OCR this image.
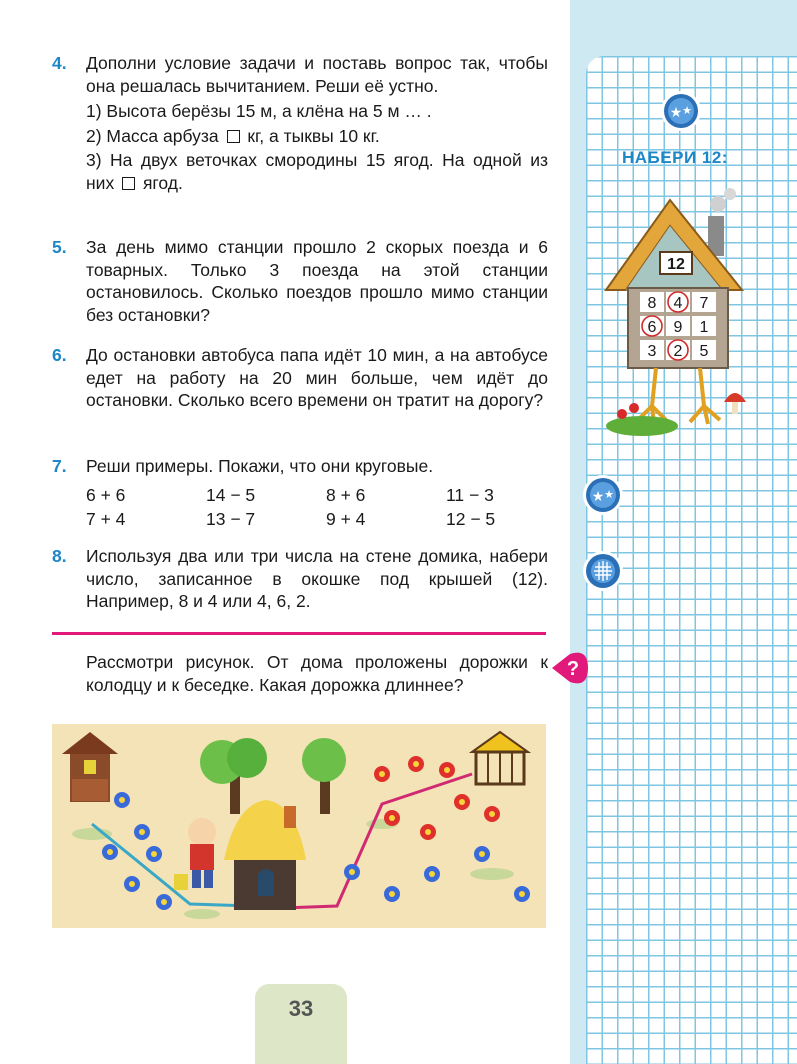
4. Дополни условие задачи и поставь вопрос так, чтобы она решалась вычитанием. Реши её устно.

1) Высота берёзы 15 м, а клёна на 5 м … .

2) Масса арбуза кг, а тыквы 10 кг.

3) На двух веточках смородины 15 ягод. На одной из них ягод.

5. За день мимо станции прошло 2 скорых поезда и 6 товарных. Только 3 поезда на этой станции остановилось. Сколько поездов прошло мимо станции без остановки?

6. До остановки автобуса папа идёт 10 мин, а на автобусе едет на работу на 20 мин больше, чем идёт до остановки. Сколько всего времени он тратит на дорогу?

7. Реши примеры. Покажи, что они круговые.

6 + 6	14 − 5	8 + 6	11 − 3
7 + 4	13 − 7	9 + 4	12 − 5
8. Используя два или три числа на стене домика, набери число, записанное в окошке под крышей (12). Например, 8 и 4 или 4, 6, 2.

?
Рассмотри рисунок. От дома проложены дорожки к колодцу и к беседке. Какая дорожка длиннее?
★ ★
НАБЕРИ 12:
12
8 4 7
6 9 1
3 2 5
★ ★
33
